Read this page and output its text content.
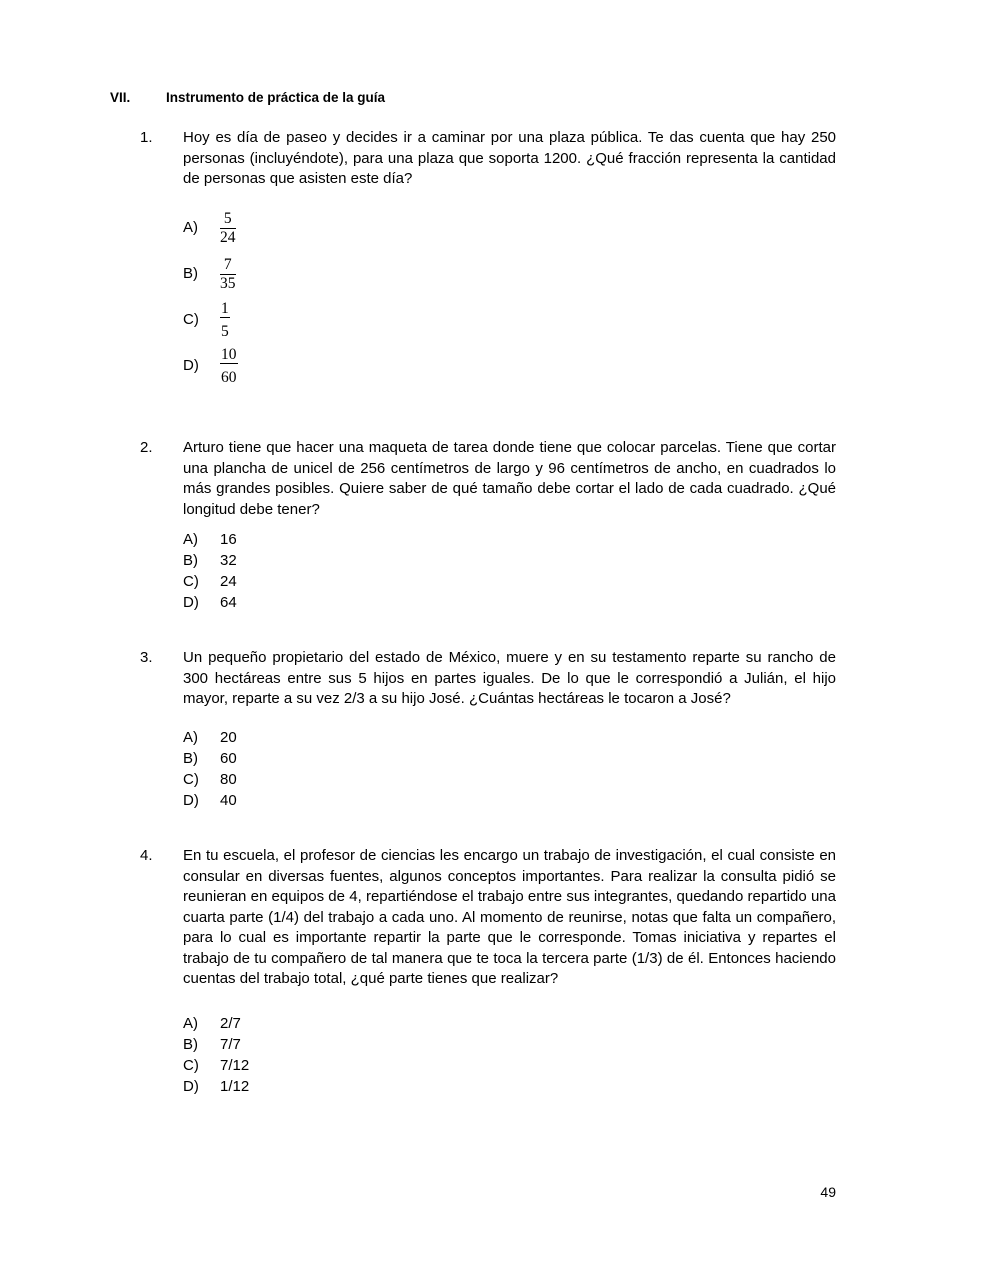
VII.	Instrumento de práctica de la guía
1.	Hoy es día de paseo y decides ir a caminar por una plaza pública. Te das cuenta que hay 250 personas (incluyéndote), para una plaza que soporta 1200. ¿Qué fracción representa la cantidad de personas que asisten este día?
A)	$\frac{5}{24}$
B)	$\frac{7}{35}$
C)	$\frac{1}{5}$
D)	$\frac{10}{60}$
2.	Arturo tiene que hacer una maqueta de tarea donde tiene que colocar parcelas. Tiene que cortar una plancha de unicel de 256 centímetros de largo y 96 centímetros de ancho, en cuadrados lo más grandes posibles. Quiere saber de qué tamaño debe cortar el lado de cada cuadrado. ¿Qué longitud debe tener?
A)	16
B)	32
C)	24
D)	64
3.	Un pequeño propietario del estado de México, muere y en su testamento reparte su rancho de 300 hectáreas entre sus 5 hijos en partes iguales. De lo que le correspondió a Julián, el hijo mayor, reparte a su vez 2/3 a su hijo José. ¿Cuántas hectáreas le tocaron a José?
A)	20
B)	60
C)	80
D)	40
4.	En tu escuela, el profesor de ciencias les encargo un trabajo de investigación, el cual consiste en consular en diversas fuentes, algunos conceptos importantes. Para realizar la consulta pidió se reunieran en equipos de 4, repartiéndose el trabajo entre sus integrantes, quedando repartido una cuarta parte (1/4) del trabajo a cada uno. Al momento de reunirse, notas que falta un compañero, para lo cual es importante repartir la parte que le corresponde. Tomas iniciativa y repartes el trabajo de tu compañero de tal manera que te toca la tercera parte (1/3) de él. Entonces haciendo cuentas del trabajo total, ¿qué parte tienes que realizar?
A)	2/7
B)	7/7
C)	7/12
D)	1/12
49
